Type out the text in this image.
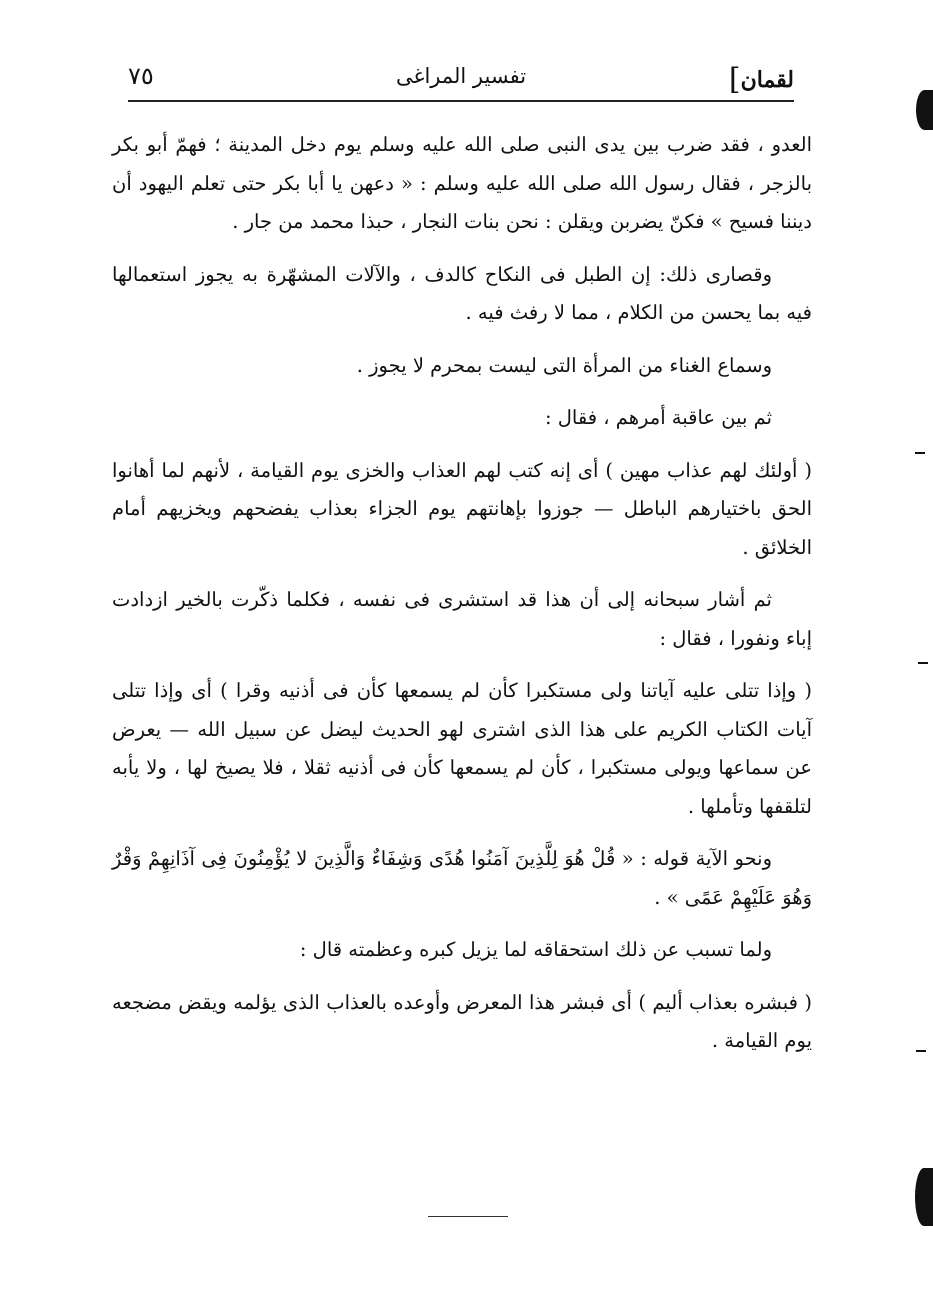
٧٥	تفسير المراغى	لقمان]

العدو ، فقد ضرب بين يدى النبى صلى الله عليه وسلم يوم دخل المدينة ؛ فهمّ أبو بكر بالزجر ، فقال رسول الله صلى الله عليه وسلم : « دعهن يا أبا بكر حتى تعلم اليهود أن ديننا فسيح » فكنّ يضربن ويقلن : نحن بنات النجار ، حبذا محمد من جار .

وقصارى ذلك: إن الطبل فى النكاح كالدف ، والآلات المشهّرة به يجوز استعمالها فيه بما يحسن من الكلام ، مما لا رفث فيه .

وسماع الغناء من المرأة التى ليست بمحرم لا يجوز .

ثم بين عاقبة أمرهم ، فقال :

( أولئك لهم عذاب مهين ) أى إنه كتب لهم العذاب والخزى يوم القيامة ، لأنهم لما أهانوا الحق باختيارهم الباطل — جوزوا بإهانتهم يوم الجزاء بعذاب يفضحهم ويخزيهم أمام الخلائق .

ثم أشار سبحانه إلى أن هذا قد استشرى فى نفسه ، فكلما ذكّرت بالخير ازدادت إباء ونفورا ، فقال :

( وإذا تتلى عليه آياتنا ولى مستكبرا كأن لم يسمعها كأن فى أذنيه وقرا ) أى وإذا تتلى آيات الكتاب الكريم على هذا الذى اشترى لهو الحديث ليضل عن سبيل الله — يعرض عن سماعها ويولى مستكبرا ، كأن لم يسمعها كأن فى أذنيه ثقلا ، فلا يصيخ لها ، ولا يأبه لتلقفها وتأملها .

ونحو الآية قوله : « قُلْ هُوَ لِلَّذِينَ آمَنُوا هُدًى وَشِفَاءٌ وَالَّذِينَ لا يُؤْمِنُونَ فِى آذَانِهِمْ وَقْرٌ وَهُوَ عَلَيْهِمْ عَمًى » .

ولما تسبب عن ذلك استحقاقه لما يزيل كبره وعظمته قال :

( فبشره بعذاب أليم ) أى فبشر هذا المعرض وأوعده بالعذاب الذى يؤلمه ويقض مضجعه يوم القيامة .
